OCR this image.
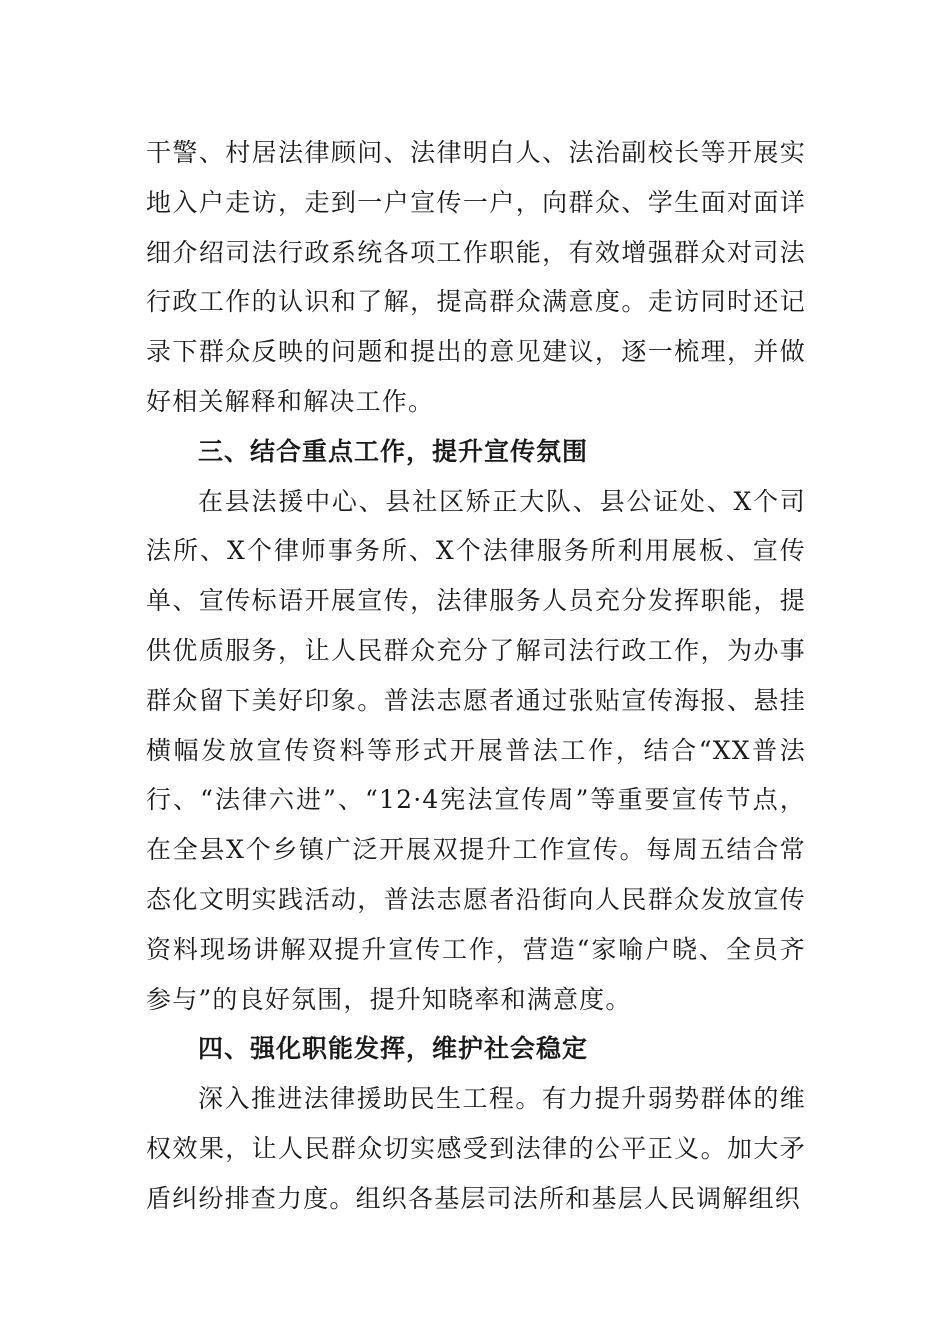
干警、村居法律顾问、法律明白人、法治副校长等开展实地入户走访，走到一户宣传一户，向群众、学生面对面详细介绍司法行政系统各项工作职能，有效增强群众对司法行政工作的认识和了解，提高群众满意度。走访同时还记录下群众反映的问题和提出的意见建议，逐一梳理，并做好相关解释和解决工作。

三、结合重点工作，提升宣传氛围

在县法援中心、县社区矫正大队、县公证处、X个司法所、X个律师事务所、X个法律服务所利用展板、宣传单、宣传标语开展宣传，法律服务人员充分发挥职能，提供优质服务，让人民群众充分了解司法行政工作，为办事群众留下美好印象。普法志愿者通过张贴宣传海报、悬挂横幅发放宣传资料等形式开展普法工作，结合“XX普法行、“法律六进”、“12·4宪法宣传周”等重要宣传节点，在全县X个乡镇广泛开展双提升工作宣传。每周五结合常态化文明实践活动，普法志愿者沿街向人民群众发放宣传资料现场讲解双提升宣传工作，营造“家喻户晓、全员齐参与”的良好氛围，提升知晓率和满意度。

四、强化职能发挥，维护社会稳定

深入推进法律援助民生工程。有力提升弱势群体的维权效果，让人民群众切实感受到法律的公平正义。加大矛盾纠纷排查力度。组织各基层司法所和基层人民调解组织
